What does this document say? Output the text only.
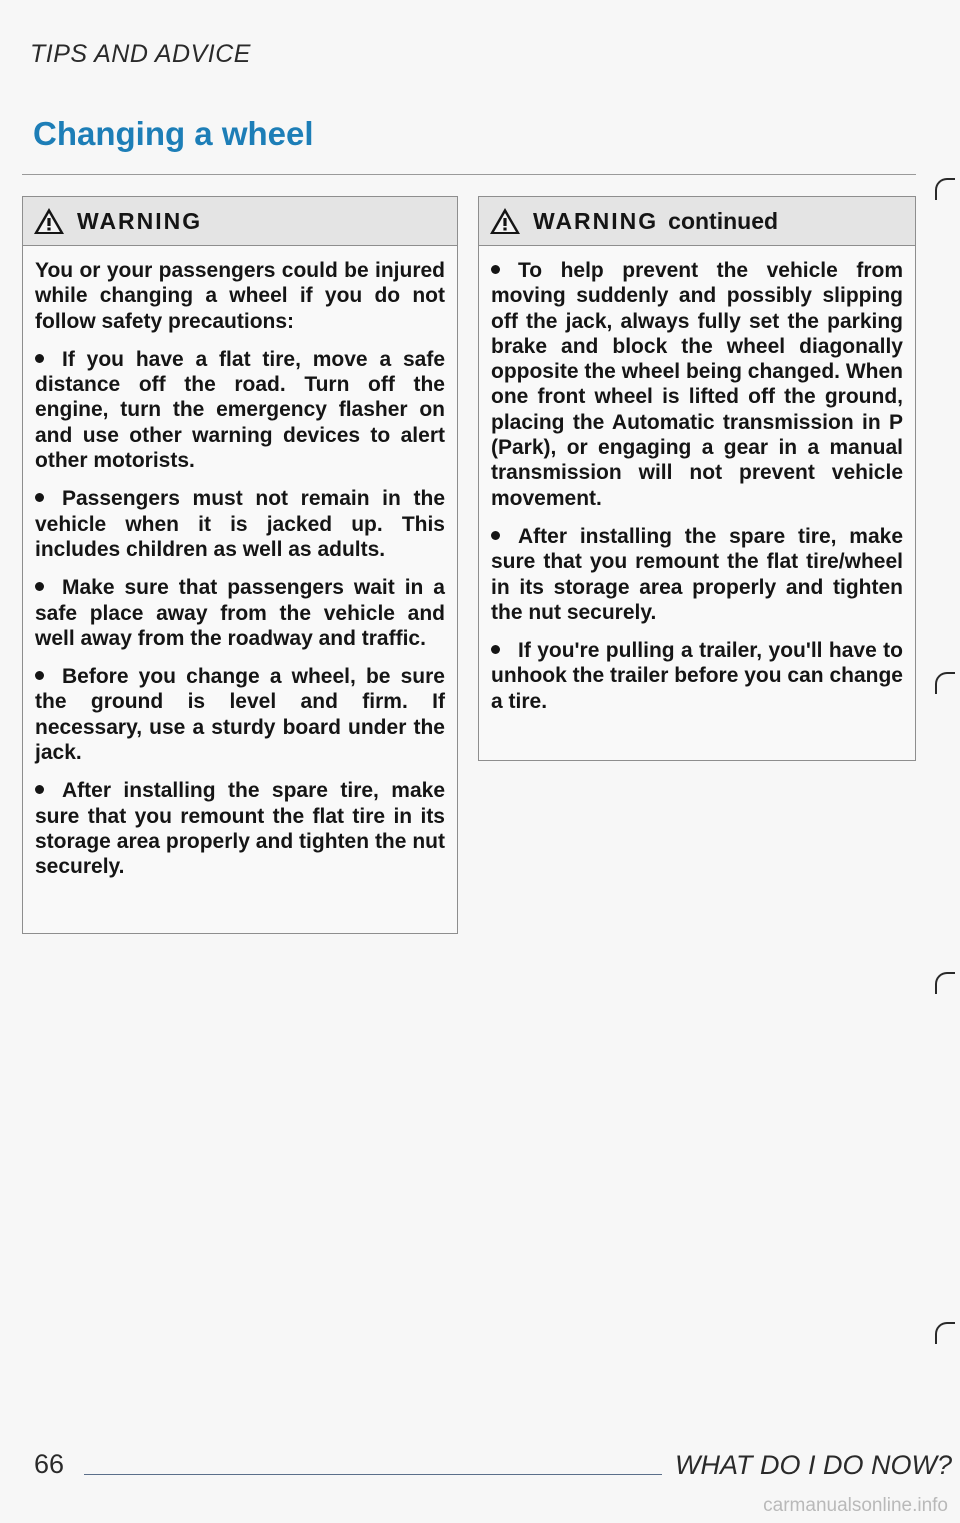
TIPS AND ADVICE
Changing a wheel
WARNING

You or your passengers could be injured while changing a wheel if you do not follow safety precautions:

If you have a flat tire, move a safe distance off the road. Turn off the engine, turn the emergency flasher on and use other warning devices to alert other motorists.

Passengers must not remain in the vehicle when it is jacked up. This includes children as well as adults.

Make sure that passengers wait in a safe place away from the vehicle and well away from the roadway and traffic.

Before you change a wheel, be sure the ground is level and firm. If necessary, use a sturdy board under the jack.

After installing the spare tire, make sure that you remount the flat tire in its storage area properly and tighten the nut securely.

WARNING continued

To help prevent the vehicle from moving suddenly and possibly slipping off the jack, always fully set the parking brake and block the wheel diagonally opposite the wheel being changed. When one front wheel is lifted off the ground, placing the Automatic transmission in P (Park), or engaging a gear in a manual transmission will not prevent vehicle movement.

After installing the spare tire, make sure that you remount the flat tire/wheel in its storage area properly and tighten the nut securely.

If you're pulling a trailer, you'll have to unhook the trailer before you can change a tire.

66	WHAT DO I DO NOW?
carmanualsonline.info
